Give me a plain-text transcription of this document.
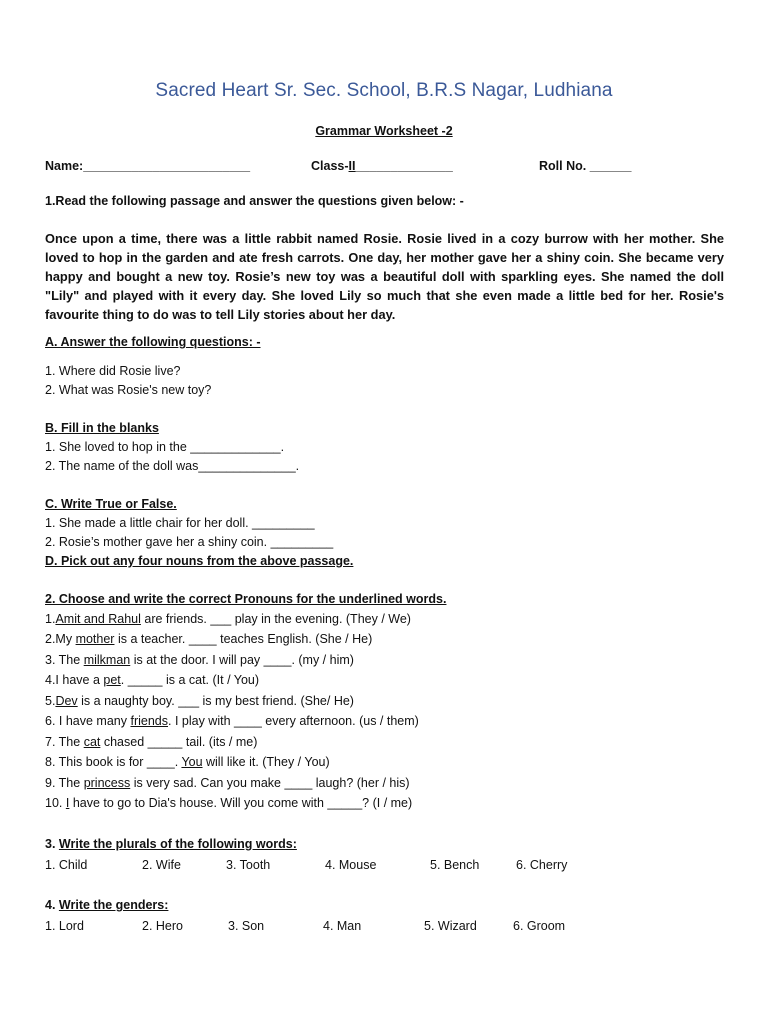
Sacred Heart Sr. Sec. School, B.R.S Nagar, Ludhiana
Grammar Worksheet -2
Name:________________________	Class-II______________	Roll No. ______
1.Read the following passage and answer the questions given below: -
Once upon a time, there was a little rabbit named Rosie. Rosie lived in a cozy burrow with her mother. She loved to hop in the garden and ate fresh carrots. One day, her mother gave her a shiny coin. She became very happy and bought a new toy. Rosie’s new toy was a beautiful doll with sparkling eyes. She named the doll "Lily" and played with it every day. She loved Lily so much that she even made a little bed for her. Rosie's favourite thing to do was to tell Lily stories about her day.
A. Answer the following questions: -
1. Where did Rosie live?
2. What was Rosie's new toy?
B. Fill in the blanks
1. She loved to hop in the _____________.
2. The name of the doll was______________.
C. Write True or False.
1. She made a little chair for her doll. _________
2. Rosie’s mother gave her a shiny coin. _________
D. Pick out any four nouns from the above passage.
2. Choose and write the correct Pronouns for the underlined words.
1.Amit and Rahul are friends. ___ play in the evening. (They / We)
2.My mother is a teacher. ____ teaches English. (She / He)
3. The milkman is at the door. I will pay ____. (my / him)
4.I have a pet. _____ is a cat. (It / You)
5.Dev is a naughty boy. ___ is my best friend. (She/ He)
6. I have many friends. I play with ____ every afternoon. (us / them)
7. The cat chased _____ tail. (its / me)
8. This book is for ____. You will like it. (They / You)
9. The princess is very sad. Can you make ____ laugh? (her / his)
10. I have to go to Dia's house. Will you come with _____? (I / me)
3. Write the plurals of the following words:
1. Child	2. Wife	3. Tooth	4. Mouse	5. Bench	6. Cherry
4. Write the genders:
1. Lord	2. Hero	3. Son	4. Man	5. Wizard	6. Groom
